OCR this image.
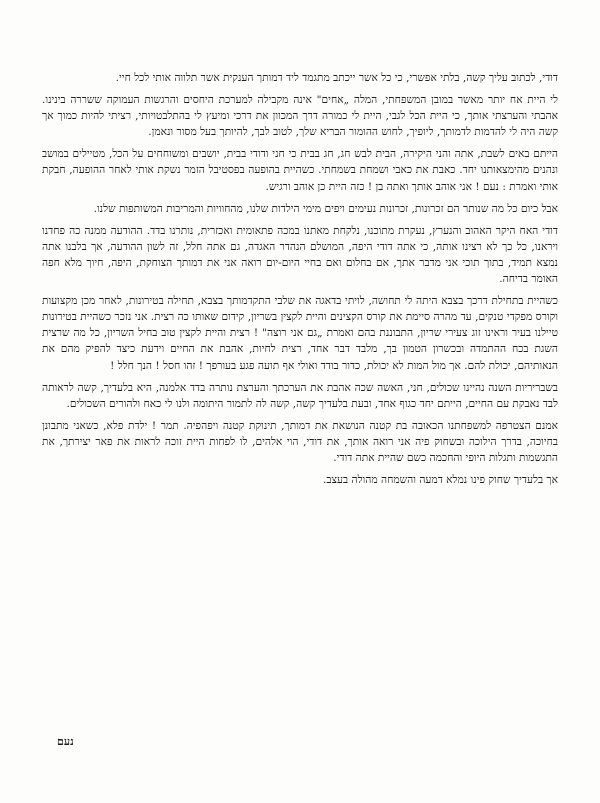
דודי, לכתוב עליך קשה, בלתי אפשרי, כי כל אשר ייכתב מתגמד ליד דמותך הענקית אשר תלווה אותי לכל חיי.

לי היית אח יותר מאשר במובן המשפחתי, המלה „אחים" אינה מקבילה למערכת היחסים והרגשות העמוקה ששררה בינינו. אהבתי והערצתי אותך, כי היית הכל לגבי, היית לי כמורה דרך המכוון את דרכי ומיעץ לי בהתלבטויותי, רציתי להיות כמוך אך קשה היה לי להדמות לדמותך, ליופיך, לחוש ההומור הבריא שלך, לטוב לבך, להיותך בעל מסור ונאמן.

הייתם באים לשבת, אתה והני היקירה, הבית לבש חג, חג בבית כי חני ודודי בבית, יושבים ומשוחחים על הכל, מטיילים במושב ונהנים מהימצאותנו יחד. כאבת את כאבי ושמחת בשמחתי. כשהיית בהופעה בפסטיבל הזמר נשקת אותי לאחר ההופעה, חבקת אותי ואמרת : נעם ! אני אוהב אותך ואתה בן ! כזה היית כן אוהב ורגיש.

אבל כיום כל מה שנותר הם זכרונות, זכרונות נעימים ויפים מימי הילדות שלנו, מהחוויות והמריבות המשותפות שלנו.

דודי האח היקר האהוב והנערץ, נעקרת מתוכנו, נלקחת מאתנו במכה פתאומית ואכזרית, נותרנו בדד. ההודעה ממנה כה פחדנו ויראנו, כל כך לא רצינו אותה, כי אתה דודי היפה, המושלם הנהדר האגדה, גם אתה חלל, זה לשון ההודעה, אך בלבנו אתה נמצא תמיד, בתוך תוכי אני מדבר אתך, אם בחלום ואם בחיי היום-יום רואה אני את דמותך הצוחקת, היפה, חיוך מלא חפה האומר בדיחה.

כשהיית בתחילת דרכך בצבא היתה לי תחושה, לויתי בדאגה את שלבי התקדמותך בצבא, תחילה בטירונות, לאחר מכן מקצועות וקורס מפקדי טנקים, עד מהרה סיימת את קורס הקצינים והיית לקצין בשריון, קידום שאותו כה רצית. אני נזכר כשהיית בטירונות טיילנו בעיר וראינו זוג צעירי שריון, התבוננת בהם ואמרת „גם אני רוצה" ! רצית והיית לקצין טוב בחיל השריון, כל מה שרצית השגת בכח ההתמדה ובכשרון הטמון בך, מלבד דבר אחד, רצית לחיות, אהבת את החיים וידעת כיצד להפיק מהם את הנאותיהם, יכולת להם. אך מול המות לא יכולת, כדור בודד ואולי אף תועה פגע בעורפך ! זהו חסל ! הנך חלל !

בשבריריות השנה נהיינו שכולים, חני, האשה שכה אהבת את הערכתך והערצת נותרה בדד אלמנה, היא בלעדיך, קשה לראותה לבד נאבקת עם החיים, הייתם יחד כגוף אחד, ובעת בלעדיך קשה, קשה לה לתמור היתומה ולנו לי כאח ולהורים השכולים.

אמנם הצטרפה למשפחתנו הכאובה בת קטנה הנושאת את דמותך, תינוקת קטנה ויפהפיה. תמר ! ילדת פלא, כשאני מתבונן בחיוכה, בדרך הילוכה ובשחוק פיה אני רואה אותך, את דודי, הוי אלהים, לו לפחות היית זוכה לראות את פאר יצירתך, את התגשמות ותגלות היופי והחכמה כשם שהיית אתה דודי.

אך בלעדיך שחוק פינו נמלא דמעה והשמחה מהולה בעצב.

נעם
